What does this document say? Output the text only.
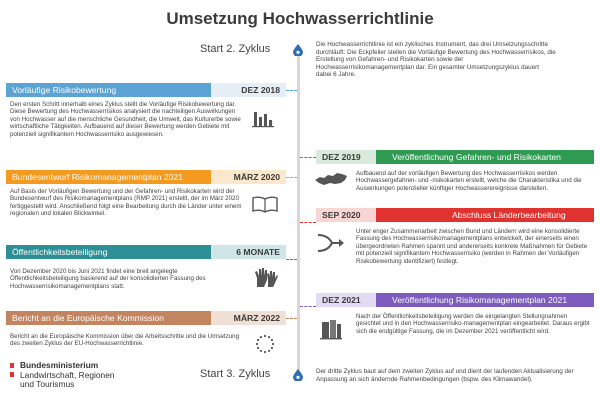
Umsetzung Hochwasserrichtlinie
Start 2. Zyklus	Die Hochwasserrichtlinie ist ein zyklisches Instrument, das drei Umsetzungsschritte durchläuft: Die Eckpfeiler stellen die Vorläufige Bewertung des Hochwasserrisikos, die Erstellung von Gefahren- und Risikokarten sowie der Hochwasserrisikomanagementplan dar. Ein gesamter Umsetzungszyklus dauert dabei 6 Jahre.
Vorläufige Risikobewertung	DEZ 2018
Den ersten Schritt innerhalb eines Zyklus stellt die Vorläufige Risikobewertung dar. Diese Bewertung des Hochwasserrisikos analysiert die nachteiligen Auswirkungen von Hochwasser auf die menschliche Gesundheit, die Umwelt, das Kulturerbe sowie wirtschaftliche Tätigkeiten. Aufbauend auf dieser Bewertung werden Gebiete mit potenziell signifikantem Hochwasserrisiko ausgewiesen.
DEZ 2019	Veröffentlichung Gefahren- und Risikokarten
Aufbauend auf der vorläufigen Bewertung des Hochwasserrisikos werden Hochwassergefahren- und -risikokarten erstellt, welche die Charakteristika und die Auswirkungen potenzieller künftiger Hochwasserereignisse darstellen.
Bundesentwurf Risikomanagementplan 2021	MÄRZ 2020
Auf Basis der Vorläufigen Bewertung und der Gefahren- und Risikokarten wird der Bundesentwurf des Risikomanagementplans (RMP 2021) erstellt, der im März 2020 fertiggestellt wird. Anschließend folgt eine Bearbeitung durch die Länder unter einem regionalen und lokalen Blickwinkel.	SEP 2020	Abschluss Länderbearbeitung
Unter enger Zusammenarbeit zwischen Bund und Ländern wird eine konsolidierte Fassung des Hochwasserrisikomanagementplans entwickelt, der einerseits einen übergeordneten Rahmen spannt und andererseits konkrete Maßnahmen für Gebiete mit potenziell signifikantem Hochwasserrisiko (werden in Rahmen der Vorläufigen Risikobewertung identifiziert) festlegt.
Öffentlichkeitsbeteiligung	6 MONATE
Von Dezember 2020 bis Juni 2021 findet eine breit angelegte Öffentlichkeitsbeteiligung basierend auf der konsolidierten Fassung des Hochwasserrisikomanagementplans statt.
DEZ 2021	Veröffentlichung Risikomanagementplan 2021
Nach der Öffentlichkeitsbeteiligung werden die eingelangten Stellungnahmen gesichtet und in den Hochwasserrisiko-managementplan eingearbeitet. Daraus ergibt sich die endgültige Fassung, die im Dezember 2021 veröffentlicht wird.
Bericht an die Europäische Kommission	MÄRZ 2022
Bericht an die Europäische Kommission über die Arbeitsschritte und die Umsetzung des zweiten Zyklus der EU-Hochwasserrichtlinie.
Bundesministerium
Landwirtschaft, Regionen
und Tourismus
Start 3. Zyklus	Der dritte Zyklus baut auf dem zweiten Zyklus auf und dient der laufenden Aktualisierung der Anpassung an sich ändernde Rahmenbedingungen (bspw. des Klimawandel).
